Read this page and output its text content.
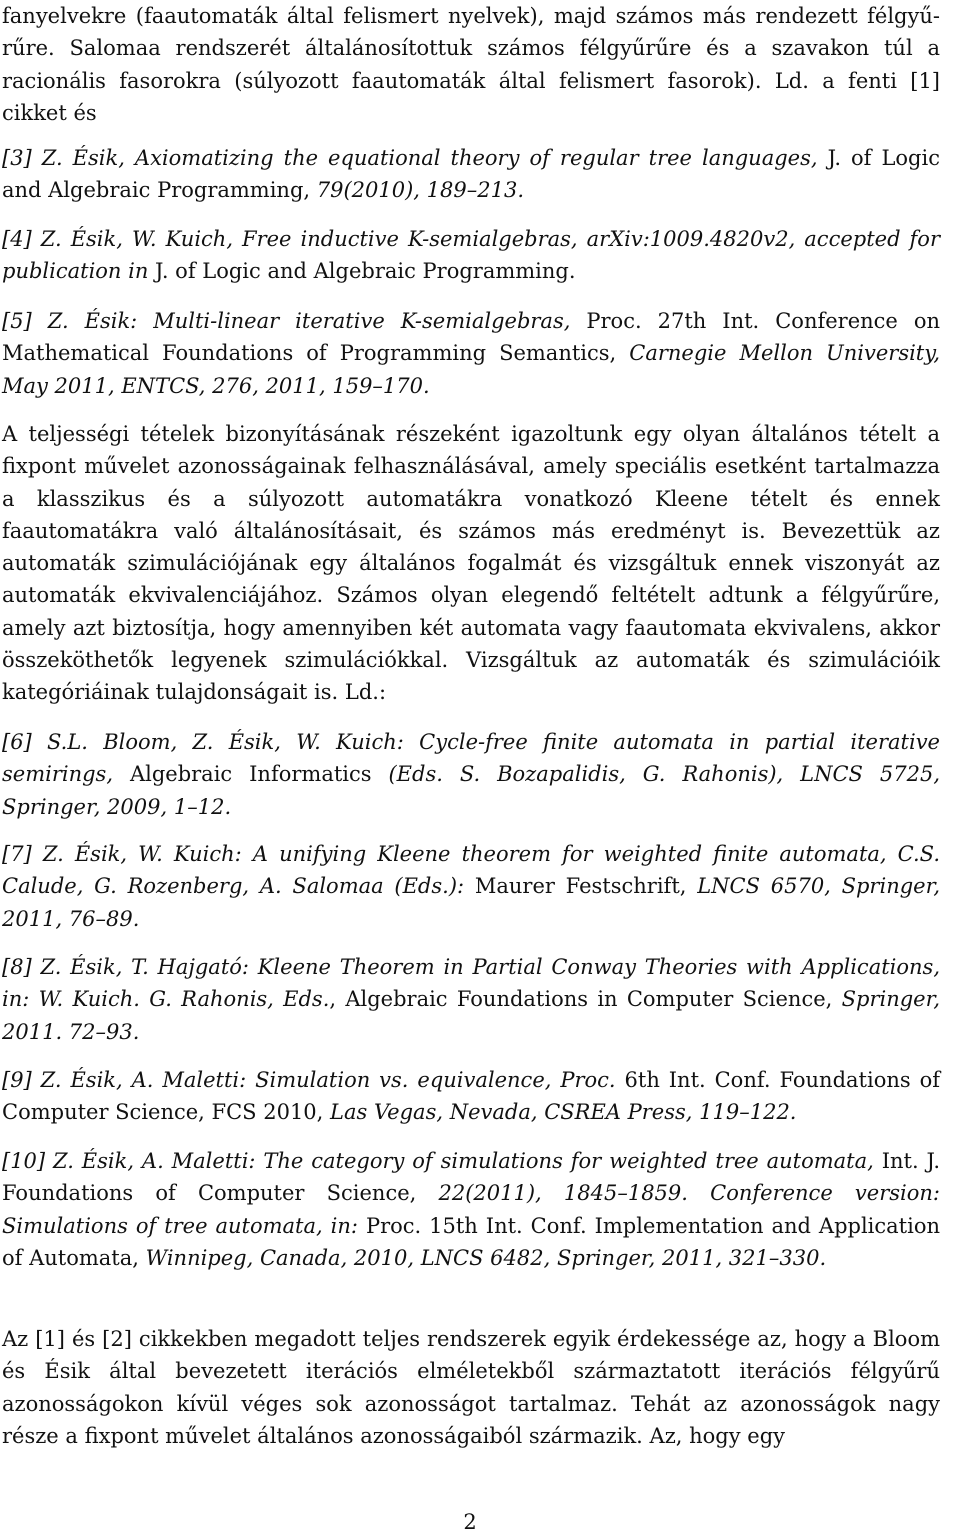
fanyelvekre (faautomaták által felismert nyelvek), majd számos más rendezett félgyűrűre. Salomaa rendszerét általánosítottuk számos félgyűrűre és a szavakon túl a racionális fasorokra (súlyozott faautomaták által felismert fasorok). Ld. a fenti [1] cikket és

[3] Z. Ésik, Axiomatizing the equational theory of regular tree languages, J. of Logic and Algebraic Programming, 79(2010), 189–213.

[4] Z. Ésik, W. Kuich, Free inductive K-semialgebras, arXiv:1009.4820v2, accepted for publication in J. of Logic and Algebraic Programming.

[5] Z. Ésik: Multi-linear iterative K-semialgebras, Proc. 27th Int. Conference on Mathematical Foundations of Programming Semantics, Carnegie Mellon University, May 2011, ENTCS, 276, 2011, 159–170.

A teljességi tételek bizonyításának részeként igazoltunk egy olyan általános tételt a fixpont művelet azonosságainak felhasználásával, amely speciális esetként tartalmazza a klasszikus és a súlyozott automatákra vonatkozó Kleene tételt és ennek faautomatákra való általánosításait, és számos más eredményt is. Bevezettük az automaták szimulációjának egy általános fogalmát és vizsgáltuk ennek viszonyát az automaták ekvivalenciájához. Számos olyan elegendő feltételt adtunk a félgyűrűre, amely azt biztosítja, hogy amennyiben két automata vagy faautomata ekvivalens, akkor összeköthetők legyenek szimulációkkal. Vizsgáltuk az automaták és szimulációik kategóriáinak tulajdonságait is. Ld.:

[6] S.L. Bloom, Z. Ésik, W. Kuich: Cycle-free finite automata in partial iterative semirings, Algebraic Informatics (Eds. S. Bozapalidis, G. Rahonis), LNCS 5725, Springer, 2009, 1–12.

[7] Z. Ésik, W. Kuich: A unifying Kleene theorem for weighted finite automata, C.S. Calude, G. Rozenberg, A. Salomaa (Eds.): Maurer Festschrift, LNCS 6570, Springer, 2011, 76–89.

[8] Z. Ésik, T. Hajgató: Kleene Theorem in Partial Conway Theories with Applications, in: W. Kuich. G. Rahonis, Eds., Algebraic Foundations in Computer Science, Springer, 2011. 72–93.

[9] Z. Ésik, A. Maletti: Simulation vs. equivalence, Proc. 6th Int. Conf. Foundations of Computer Science, FCS 2010, Las Vegas, Nevada, CSREA Press, 119–122.

[10] Z. Ésik, A. Maletti: The category of simulations for weighted tree automata, Int. J. Foundations of Computer Science, 22(2011), 1845–1859. Conference version: Simulations of tree automata, in: Proc. 15th Int. Conf. Implementation and Application of Automata, Winnipeg, Canada, 2010, LNCS 6482, Springer, 2011, 321–330.

Az [1] és [2] cikkekben megadott teljes rendszerek egyik érdekessége az, hogy a Bloom és Ésik által bevezetett iterációs elméletekből származtatott iterációs félgyűrű azonosságokon kívül véges sok azonosságot tartalmaz. Tehát az azonosságok nagy része a fixpont művelet általános azonosságaiból származik. Az, hogy egy

2
